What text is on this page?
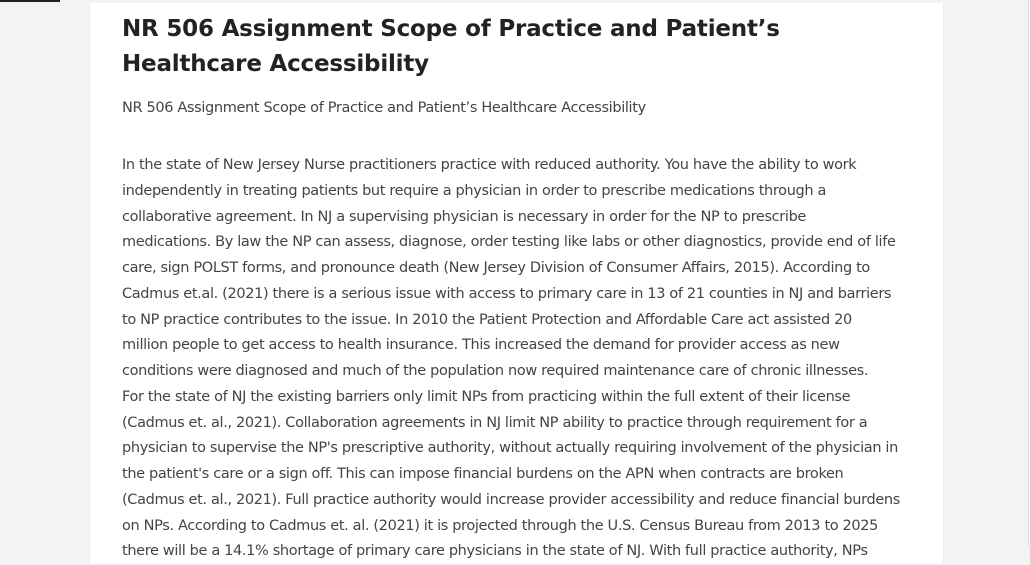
NR 506 Assignment Scope of Practice and Patient’s Healthcare Accessibility

NR 506 Assignment Scope of Practice and Patient’s Healthcare Accessibility

In the state of New Jersey Nurse practitioners practice with reduced authority. You have the ability to work
independently in treating patients but require a physician in order to prescribe medications through a
collaborative agreement. In NJ a supervising physician is necessary in order for the NP to prescribe
medications. By law the NP can assess, diagnose, order testing like labs or other diagnostics, provide end of life
care, sign POLST forms, and pronounce death (New Jersey Division of Consumer Affairs, 2015). According to
Cadmus et.al. (2021) there is a serious issue with access to primary care in 13 of 21 counties in NJ and barriers
to NP practice contributes to the issue. In 2010 the Patient Protection and Affordable Care act assisted 20
million people to get access to health insurance. This increased the demand for provider access as new
conditions were diagnosed and much of the population now required maintenance care of chronic illnesses.
For the state of NJ the existing barriers only limit NPs from practicing within the full extent of their license
(Cadmus et. al., 2021). Collaboration agreements in NJ limit NP ability to practice through requirement for a
physician to supervise the NP's prescriptive authority, without actually requiring involvement of the physician in
the patient's care or a sign off. This can impose financial burdens on the APN when contracts are broken
(Cadmus et. al., 2021). Full practice authority would increase provider accessibility and reduce financial burdens
on NPs. According to Cadmus et. al. (2021) it is projected through the U.S. Census Bureau from 2013 to 2025
there will be a 14.1% shortage of primary care physicians in the state of NJ. With full practice authority, NPs
